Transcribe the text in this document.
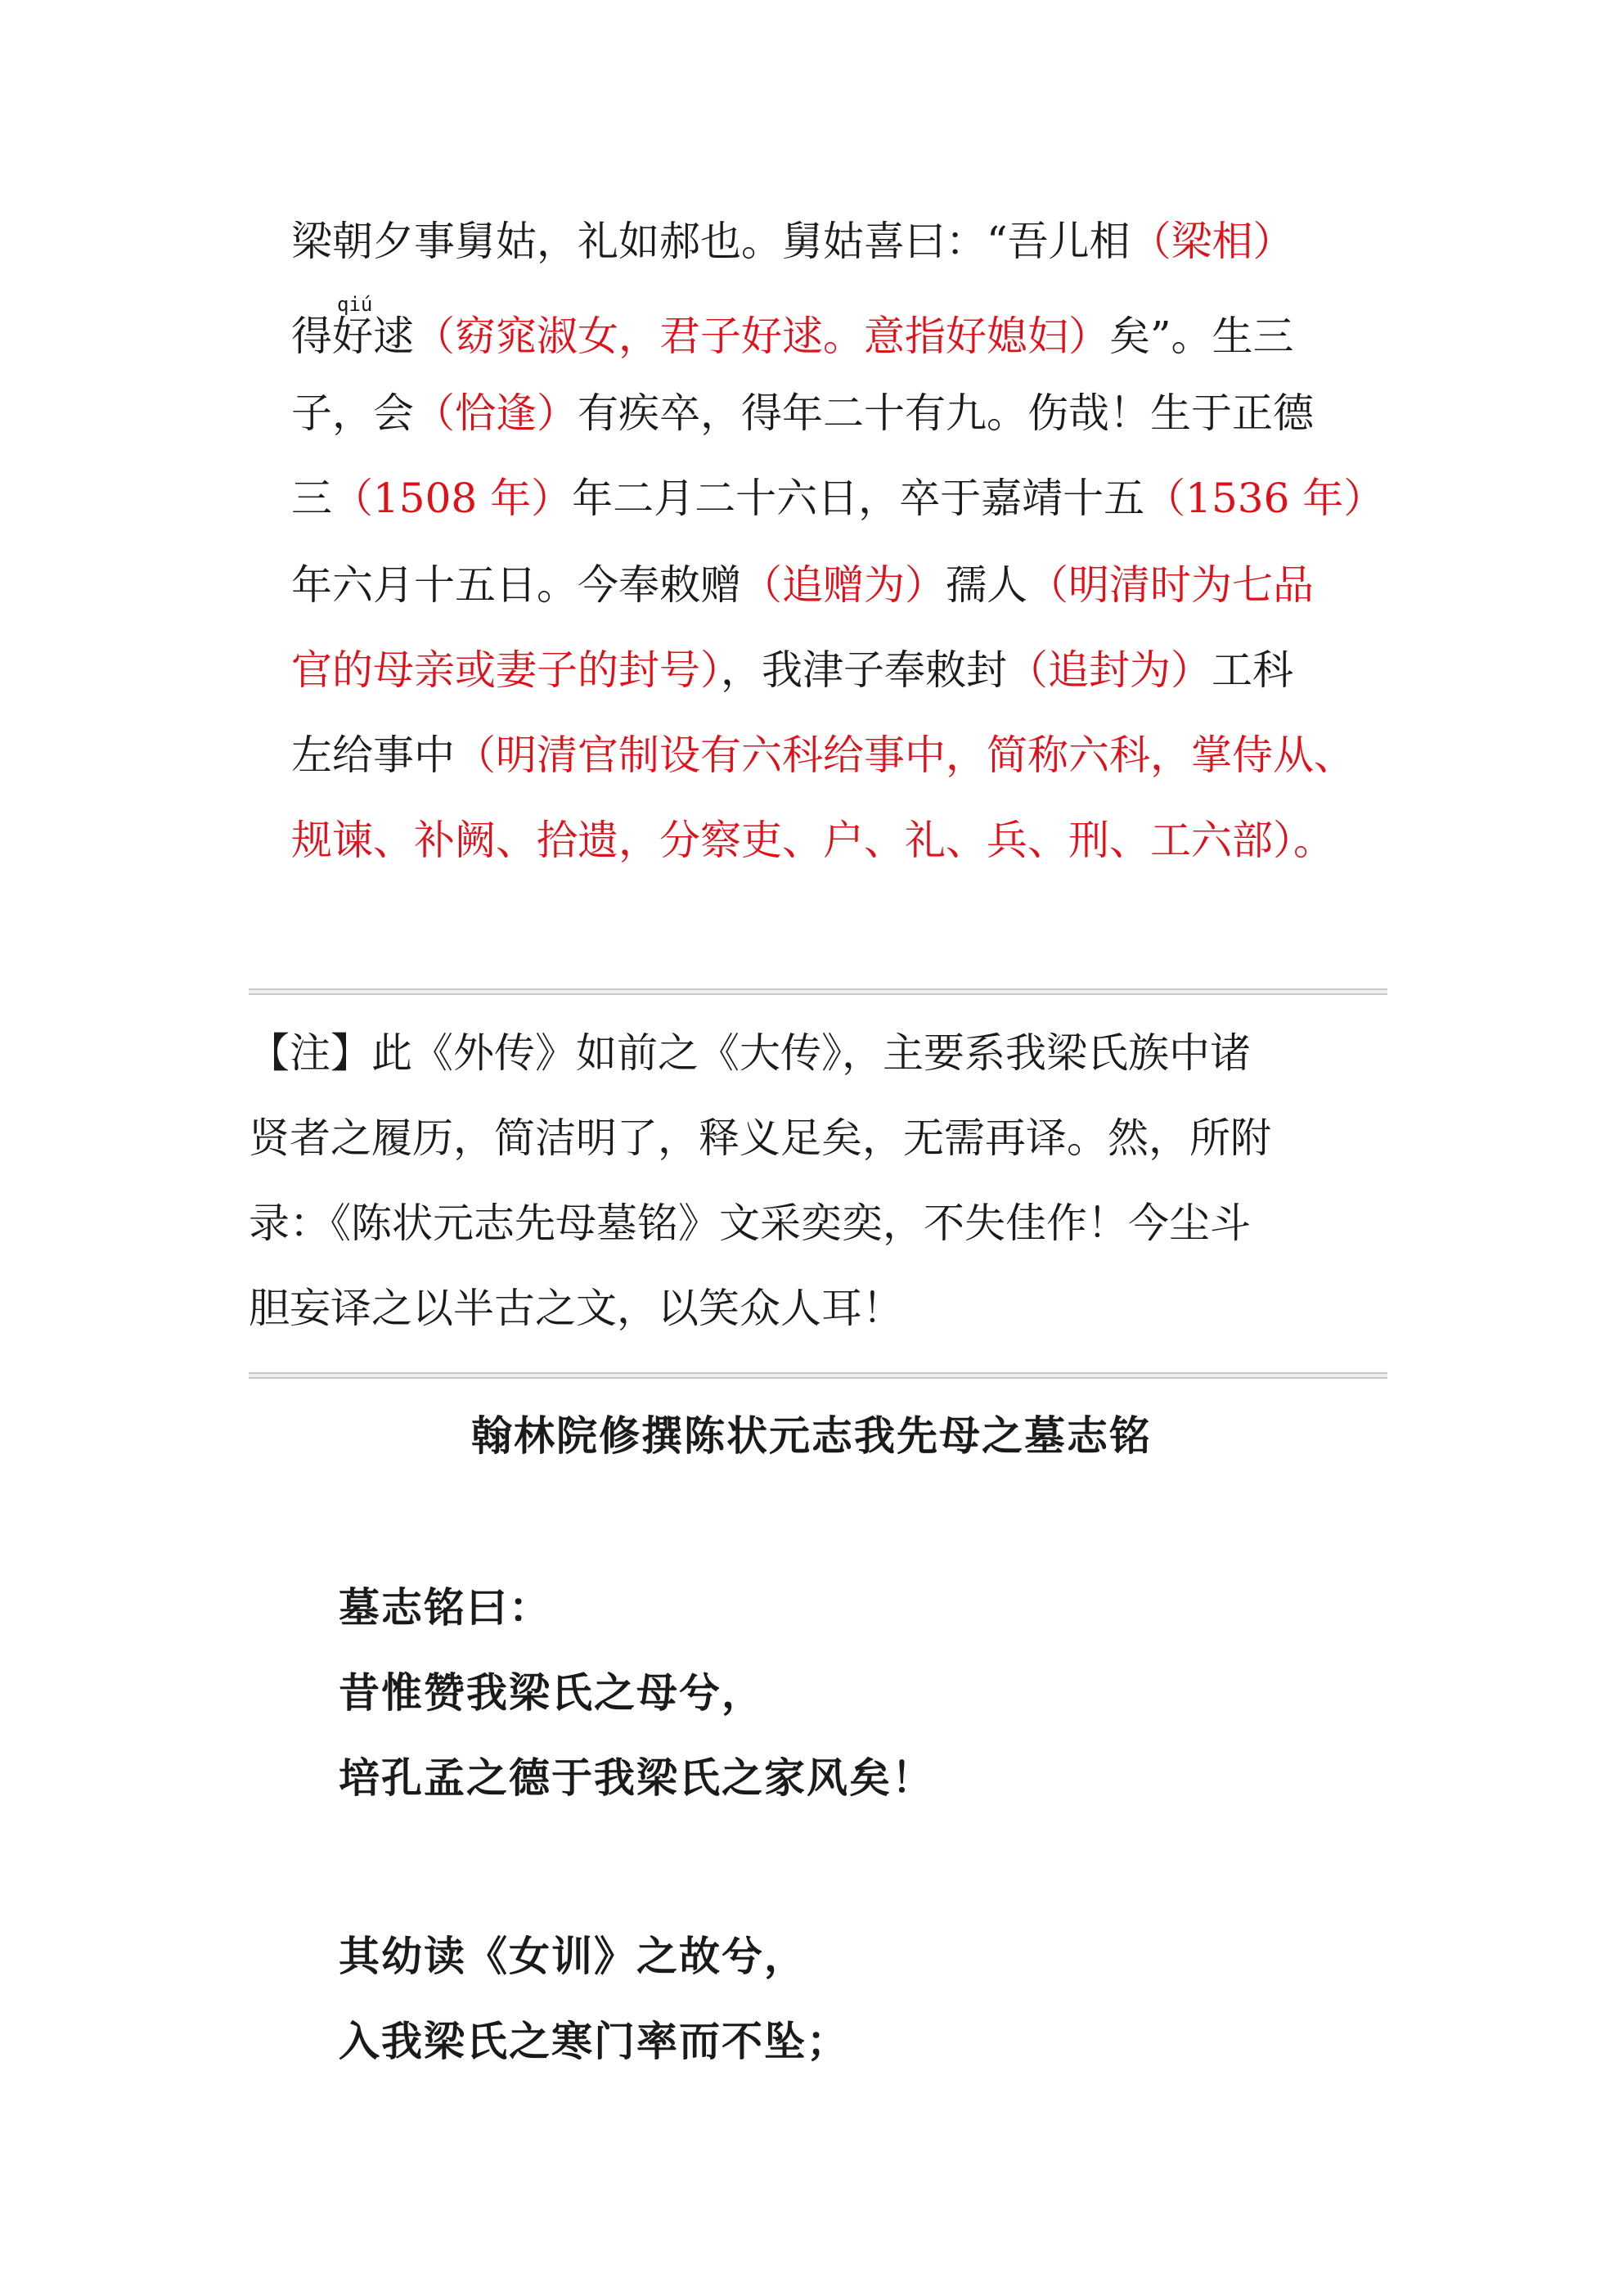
qiú
梁朝夕事舅姑，礼如郝也。舅姑喜曰：“吾儿相（梁相）
得好逑（窈窕淑女，君子好逑。意指好媳妇）矣”。生三
子，会（恰逢）有疾卒，得年二十有九。伤哉！生于正德
三（1508 年）年二月二十六日，卒于嘉靖十五（1536 年）
年六月十五日。今奉敕赠（追赠为）孺人（明清时为七品
官的母亲或妻子的封号），我津子奉敕封（追封为）工科
左给事中（明清官制设有六科给事中，简称六科，掌侍从、
规谏、补阙、拾遗，分察吏、户、礼、兵、刑、工六部）。
【注】此《外传》如前之《大传》，主要系我梁氏族中诸
贤者之履历，简洁明了，释义足矣，无需再译。然，所附
录：《陈状元志先母墓铭》文采奕奕，不失佳作！今尘斗
胆妄译之以半古之文，以笑众人耳！
翰林院修撰陈状元志我先母之墓志铭
墓志铭曰：
昔惟赞我梁氏之母兮，
培孔孟之德于我梁氏之家风矣！
其幼读《女训》之故兮，
入我梁氏之寒门率而不坠；
